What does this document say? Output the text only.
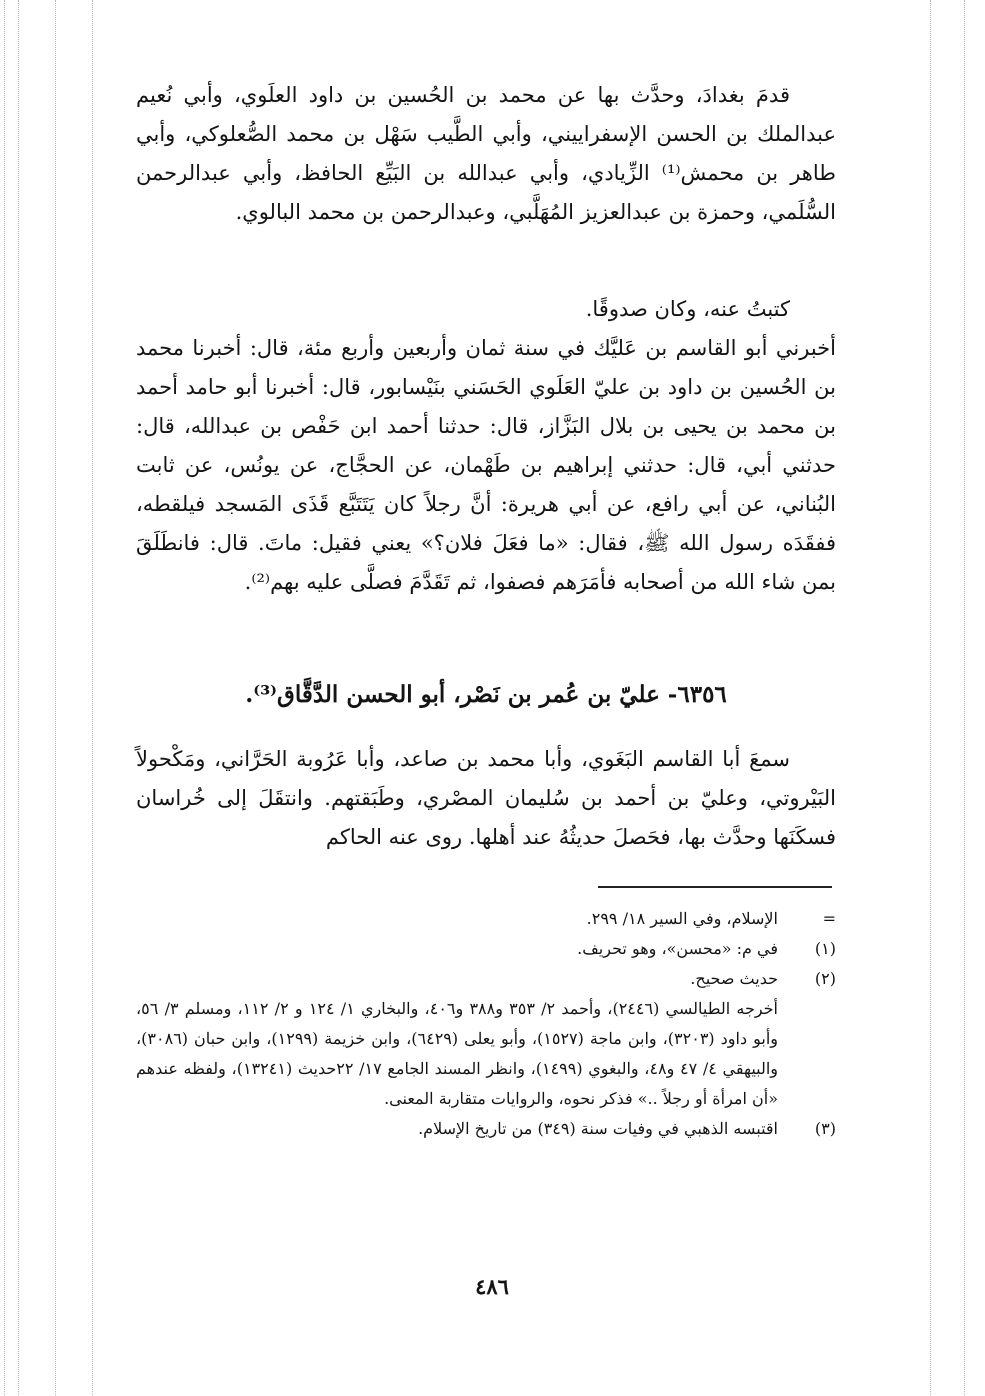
قدمَ بغدادَ، وحدَّث بها عن محمد بن الحُسين بن داود العلَوي، وأبي نُعيم عبدالملك بن الحسن الإسفراييني، وأبي الطَّيب سَهْل بن محمد الصُّعلوكي، وأبي طاهر بن محمش⁽¹⁾ الزِّيادي، وأبي عبدالله بن البَيِّع الحافظ، وأبي عبدالرحمن السُّلَمي، وحمزة بن عبدالعزيز المُهَلَّبي، وعبدالرحمن بن محمد البالوي.

كتبتُ عنه، وكان صدوقًا.

أخبرني أبو القاسم بن عَليَّك في سنة ثمان وأربعين وأربع مئة، قال: أخبرنا محمد بن الحُسين بن داود بن عليّ العَلَوي الحَسَني بنَيْسابور، قال: أخبرنا أبو حامد أحمد بن محمد بن يحيى بن بلال البَزَّاز، قال: حدثنا أحمد ابن حَفْص بن عبدالله، قال: حدثني أبي، قال: حدثني إبراهيم بن طَهْمان، عن الحجَّاج، عن يونُس، عن ثابت البُناني، عن أبي رافع، عن أبي هريرة: أنَّ رجلاً كان يَتَتَبَّع قَذَى المَسجد فيلقطه، ففقَدَه رسول الله ﷺ، فقال: «ما فعَلَ فلان؟» يعني فقيل: ماتَ. قال: فانطَلَقَ بمن شاء الله من أصحابه فأمَرَهم فصفوا، ثم تَقَدَّمَ فصلَّى عليه بهم⁽²⁾.

٦٣٥٦- عليّ بن عُمر بن نَصْر، أبو الحسن الدَّقَّاق⁽³⁾.

سمعَ أبا القاسم البَغَوي، وأبا محمد بن صاعد، وأبا عَرُوبة الحَرَّاني، ومَكْحولاً البَيْروتي، وعليّ بن أحمد بن سُليمان المصْري، وطَبَقتهم. وانتقَلَ إلى خُراسان فسكَنَها وحدَّث بها، فحَصلَ حديثُهُ عند أهلها. روى عنه الحاكم

=
الإسلام، وفي السير ١٨/ ٢٩٩.
(١)
في م: «محسن»، وهو تحريف.
(٢)
حديث صحيح.
أخرجه الطيالسي (٢٤٤٦)، وأحمد ٢/ ٣٥٣ و٣٨٨ و٤٠٦، والبخاري ١/ ١٢٤ و ٢/ ١١٢، ومسلم ٣/ ٥٦، وأبو داود (٣٢٠٣)، وابن ماجة (١٥٢٧)، وأبو يعلى (٦٤٢٩)، وابن خزيمة (١٢٩٩)، وابن حبان (٣٠٨٦)، والبيهقي ٤/ ٤٧ و٤٨، والبغوي (١٤٩٩)، وانظر المسند الجامع ١٧/ ٢٢حديث (١٣٢٤١)، ولفظه عندهم «أن امرأة أو رجلاً ..» فذكر نحوه، والروايات متقاربة المعنى.
(٣)
اقتبسه الذهبي في وفيات سنة (٣٤٩) من تاريخ الإسلام.
٤٨٦
